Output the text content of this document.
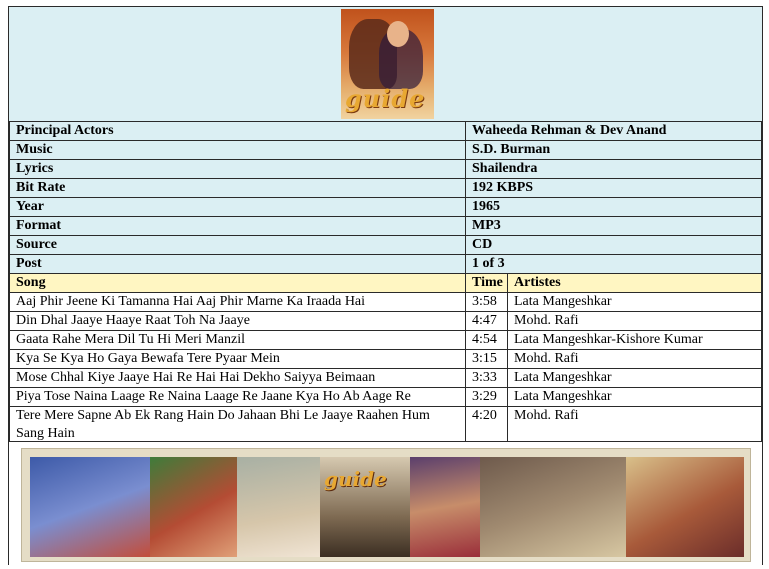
guide
Principal Actors	Waheeda Rehman & Dev Anand	
Music	S.D. Burman	
Lyrics	Shailendra	
Bit Rate	192 KBPS	
Year	1965	
Format	MP3	
Source	CD	
Post	1 of 3	
Song	Time	Artistes
Aaj Phir Jeene Ki Tamanna Hai Aaj Phir Marne Ka Iraada Hai	3:58	Lata Mangeshkar
Din Dhal Jaaye Haaye Raat Toh Na Jaaye	4:47	Mohd. Rafi
Gaata Rahe Mera Dil Tu Hi Meri Manzil	4:54	Lata Mangeshkar-Kishore Kumar
Kya Se Kya Ho Gaya Bewafa Tere Pyaar Mein	3:15	Mohd. Rafi
Mose Chhal Kiye Jaaye Hai Re Hai Hai Dekho Saiyya Beimaan	3:33	Lata Mangeshkar
Piya Tose Naina Laage Re Naina Laage Re Jaane Kya Ho Ab Aage Re	3:29	Lata Mangeshkar
Tere Mere Sapne Ab Ek Rang Hain Do Jahaan Bhi Le Jaaye Raahen Hum Sang Hain	4:20	Mohd. Rafi
guide
